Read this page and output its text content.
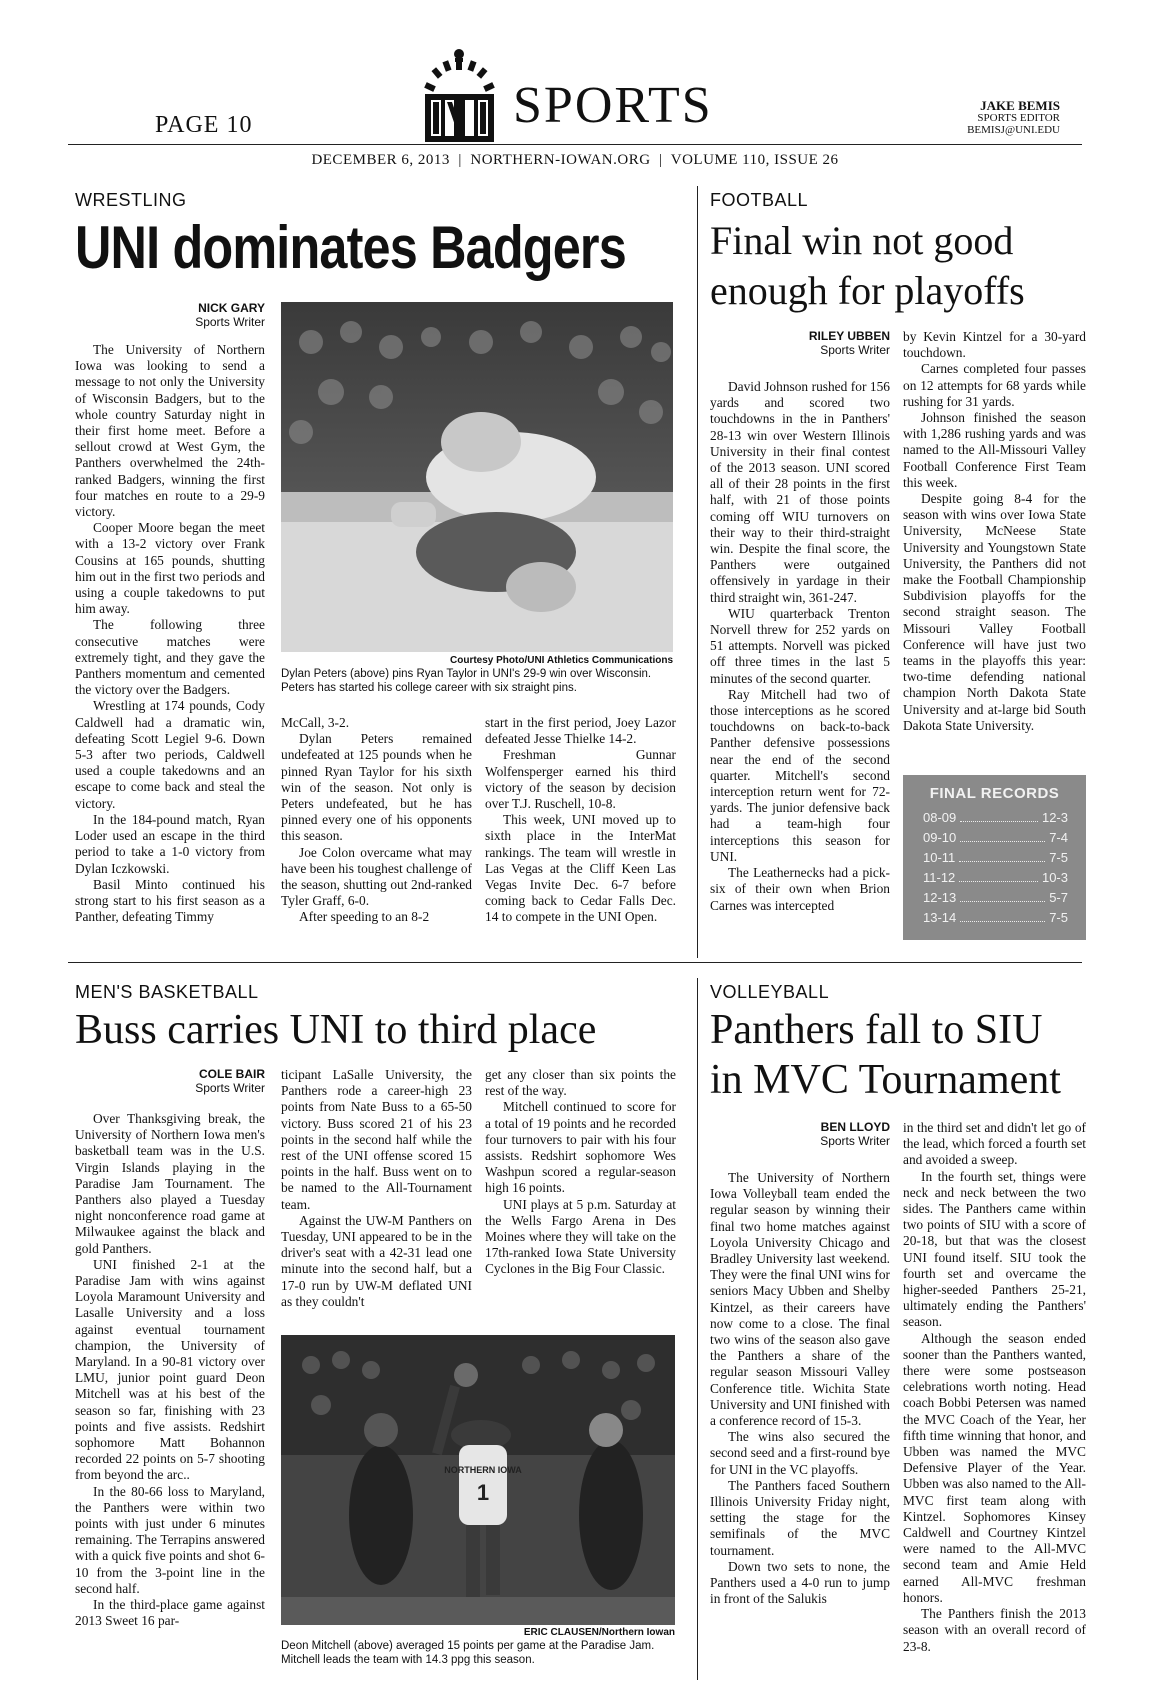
PAGE 10	SPORTS	JAKE BEMIS
SPORTS EDITOR
BEMISJ@UNI.EDU
DECEMBER 6, 2013  |  NORTHERN-IOWAN.ORG  |  VOLUME 110, ISSUE 26
WRESTLING
UNI dominates Badgers
NICK GARY
Sports Writer

The University of Northern Iowa was looking to send a message to not only the University of Wisconsin Badgers, but to the whole country Saturday night in their first home meet. Before a sellout crowd at West Gym, the Panthers overwhelmed the 24th-ranked Badgers, winning the first four matches en route to a 29-9 victory.

Cooper Moore began the meet with a 13-2 victory over Frank Cousins at 165 pounds, shutting him out in the first two periods and using a couple takedowns to put him away.

The following three consecutive matches were extremely tight, and they gave the Panthers momentum and cemented the victory over the Badgers.

Wrestling at 174 pounds, Cody Caldwell had a dramatic win, defeating Scott Legiel 9-6. Down 5-3 after two periods, Caldwell used a couple takedowns and an escape to come back and steal the victory.

In the 184-pound match, Ryan Loder used an escape in the third period to take a 1-0 victory from Dylan Iczkowski.

Basil Minto continued his strong start to his first season as a Panther, defeating Timmy

Courtesy Photo/UNI Athletics Communications
Dylan Peters (above) pins Ryan Taylor in UNI's 29-9 win over Wisconsin. Peters has started his college career with six straight pins.

McCall, 3-2.

Dylan Peters remained undefeated at 125 pounds when he pinned Ryan Taylor for his sixth win of the season. Not only is Peters undefeated, but he has pinned every one of his opponents this season.

Joe Colon overcame what may have been his toughest challenge of the season, shutting out 2nd-ranked Tyler Graff, 6-0.

After speeding to an 8-2

start in the first period, Joey Lazor defeated Jesse Thielke 14-2.

Freshman Gunnar Wolfensperger earned his third victory of the season by decision over T.J. Ruschell, 10-8.

This week, UNI moved up to sixth place in the InterMat rankings. The team will wrestle in Las Vegas at the Cliff Keen Las Vegas Invite Dec. 6-7 before coming back to Cedar Falls Dec. 14 to compete in the UNI Open.

FOOTBALL
Final win not good
enough for playoffs
RILEY UBBEN
Sports Writer

David Johnson rushed for 156 yards and scored two touchdowns in the in Panthers' 28-13 win over Western Illinois University in their final contest of the 2013 season. UNI scored all of their 28 points in the first half, with 21 of those points coming off WIU turnovers on their way to their third-straight win. Despite the final score, the Panthers were outgained offensively in yardage in their third straight win, 361-247.

WIU quarterback Trenton Norvell threw for 252 yards on 51 attempts. Norvell was picked off three times in the last 5 minutes of the second quarter.

Ray Mitchell had two of those interceptions as he scored touchdowns on back-to-back Panther defensive possessions near the end of the second quarter. Mitchell's second interception return went for 72-yards. The junior defensive back had a team-high four interceptions this season for UNI.

The Leathernecks had a pick-six of their own when Brion Carnes was intercepted

by Kevin Kintzel for a 30-yard touchdown.

Carnes completed four passes on 12 attempts for 68 yards while rushing for 31 yards.

Johnson finished the season with 1,286 rushing yards and was named to the All-Missouri Valley Football Conference First Team this week.

Despite going 8-4 for the season with wins over Iowa State University, McNeese State University and Youngstown State University, the Panthers did not make the Football Championship Subdivision playoffs for the second straight season. The Missouri Valley Football Conference will have just two teams in the playoffs this year: two-time defending national champion North Dakota State University and at-large bid South Dakota State University.

FINAL RECORDS
08-09	12-3
09-10	7-4
10-11	7-5
11-12	10-3
12-13	5-7
13-14	7-5
MEN'S BASKETBALL
Buss carries UNI to third place
COLE BAIR
Sports Writer

Over Thanksgiving break, the University of Northern Iowa men's basketball team was in the U.S. Virgin Islands playing in the Paradise Jam Tournament. The Panthers also played a Tuesday night nonconference road game at Milwaukee against the black and gold Panthers.

UNI finished 2-1 at the Paradise Jam with wins against Loyola Maramount University and Lasalle University and a loss against eventual tournament champion, the University of Maryland. In a 90-81 victory over LMU, junior point guard Deon Mitchell was at his best of the season so far, finishing with 23 points and five assists. Redshirt sophomore Matt Bohannon recorded 22 points on 5-7 shooting from beyond the arc..

In the 80-66 loss to Maryland, the Panthers were within two points with just under 6 minutes remaining. The Terrapins answered with a quick five points and shot 6-10 from the 3-point line in the second half.

In the third-place game against 2013 Sweet 16 par-

ticipant LaSalle University, the Panthers rode a career-high 23 points from Nate Buss to a 65-50 victory. Buss scored 21 of his 23 points in the second half while the rest of the UNI offense scored 15 points in the half. Buss went on to be named to the All-Tournament team.

Against the UW-M Panthers on Tuesday, UNI appeared to be in the driver's seat with a 42-31 lead one minute into the second half, but a 17-0 run by UW-M deflated UNI as they couldn't

get any closer than six points the rest of the way.

Mitchell continued to score for a total of 19 points and he recorded four turnovers to pair with his four assists. Redshirt sophomore Wes Washpun scored a regular-season high 16 points.

UNI plays at 5 p.m. Saturday at the Wells Fargo Arena in Des Moines where they will take on the 17th-ranked Iowa State University Cyclones in the Big Four Classic.

NORTHERN IOWA
1
ERIC CLAUSEN/Northern Iowan
Deon Mitchell (above) averaged 15 points per game at the Paradise Jam. Mitchell leads the team with 14.3 ppg this season.
VOLLEYBALL
Panthers fall to SIU
in MVC Tournament
BEN LLOYD
Sports Writer

The University of Northern Iowa Volleyball team ended the regular season by winning their final two home matches against Loyola University Chicago and Bradley University last weekend. They were the final UNI wins for seniors Macy Ubben and Shelby Kintzel, as their careers have now come to a close. The final two wins of the season also gave the Panthers a share of the regular season Missouri Valley Conference title. Wichita State University and UNI finished with a conference record of 15-3.

The wins also secured the second seed and a first-round bye for UNI in the VC playoffs.

The Panthers faced Southern Illinois University Friday night, setting the stage for the semifinals of the MVC tournament.

Down two sets to none, the Panthers used a 4-0 run to jump in front of the Salukis

in the third set and didn't let go of the lead, which forced a fourth set and avoided a sweep.

In the fourth set, things were neck and neck between the two sides. The Panthers came within two points of SIU with a score of 20-18, but that was the closest UNI found itself. SIU took the fourth set and overcame the higher-seeded Panthers 25-21, ultimately ending the Panthers' season.

Although the season ended sooner than the Panthers wanted, there were some postseason celebrations worth noting. Head coach Bobbi Petersen was named the MVC Coach of the Year, her fifth time winning that honor, and Ubben was named the MVC Defensive Player of the Year. Ubben was also named to the All-MVC first team along with Kintzel. Sophomores Kinsey Caldwell and Courtney Kintzel were named to the All-MVC second team and Amie Held earned All-MVC freshman honors.

The Panthers finish the 2013 season with an overall record of 23-8.
